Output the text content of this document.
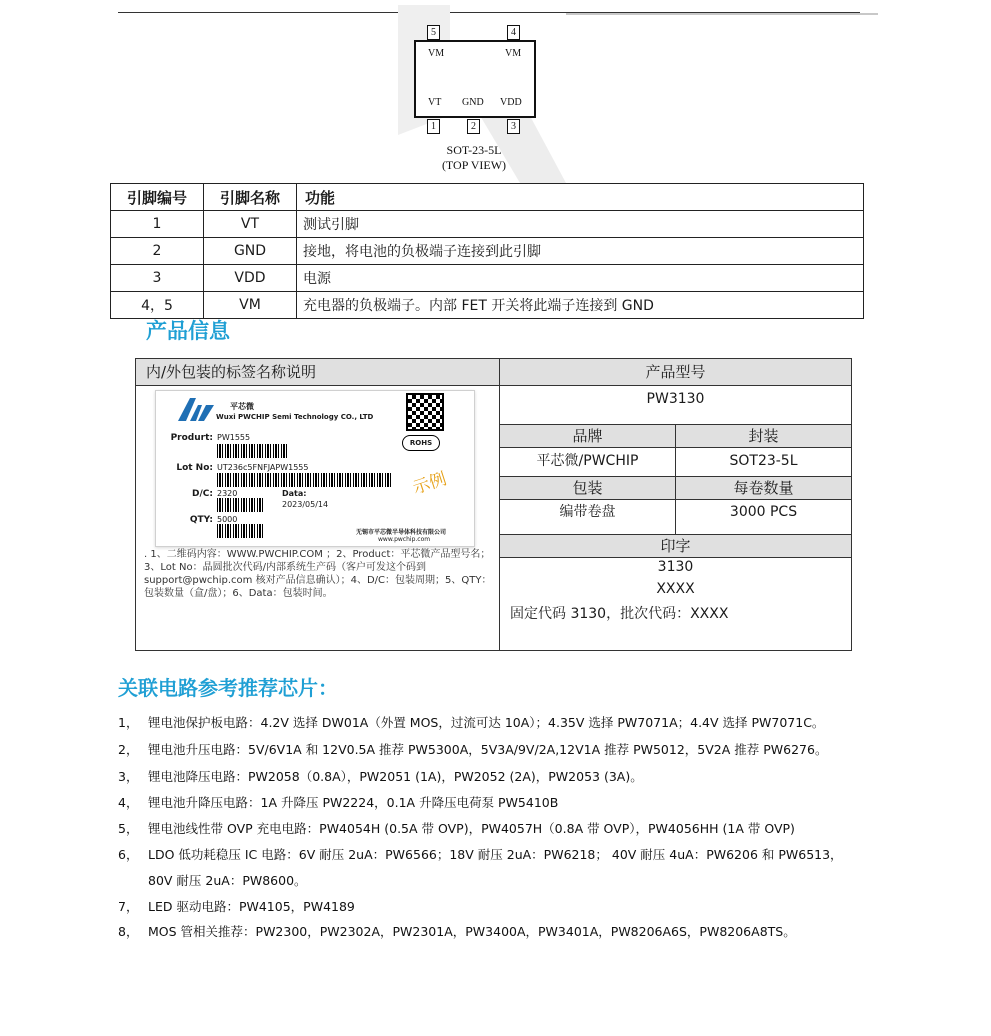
5	4
VM	VM
VT GND VDD
1	2	3
SOT-23-5L
(TOP VIEW)
引脚编号	引脚名称	功能
1	VT	测试引脚
2	GND	接地，将电池的负极端子连接到此引脚
3	VDD	电源
4，5	VM	充电器的负极端子。内部 FET 开关将此端子连接到 GND
产品信息
内/外包装的标签名称说明
平芯微
Wuxi PWCHIP Semi Technology CO., LTD
Produrt: PW1555
ROHS
Lot No: UT236c5FNFJAPW1555
示例
D/C: 2320	Data:
2023/05/14
QTY: 5000
无锡市平芯微半导体科技有限公司
www.pwchip.com
. 1、二维码内容：WWW.PWCHIP.COM ；2、Product：平芯微产品型号名；3、Lot No：晶圆批次代码/内部系统生产码（客户可发这个码到support@pwchip.com 核对产品信息确认）；4、D/C：包装周期；5、QTY：包装数量（盒/盘）；6、Data：包装时间。
产品型号
PW3130
品牌	封装
平芯微/PWCHIP	SOT23-5L
包装	每卷数量
编带卷盘	3000 PCS
印字
3130
XXXX
固定代码 3130，批次代码：XXXX
关联电路参考推荐芯片：
1， 锂电池保护板电路：4.2V 选择 DW01A（外置 MOS，过流可达 10A）；4.35V 选择 PW7071A；4.4V 选择 PW7071C。
2， 锂电池升压电路：5V/6V1A 和 12V0.5A 推荐 PW5300A，5V3A/9V/2A,12V1A 推荐 PW5012，5V2A 推荐 PW6276。
3， 锂电池降压电路：PW2058（0.8A），PW2051 (1A)，PW2052 (2A)，PW2053 (3A)。
4， 锂电池升降压电路：1A 升降压 PW2224，0.1A 升降压电荷泵 PW5410B
5， 锂电池线性带 OVP 充电电路：PW4054H (0.5A 带 OVP)，PW4057H（0.8A 带 OVP），PW4056HH (1A 带 OVP)
6， LDO 低功耗稳压 IC 电路：6V 耐压 2uA：PW6566；18V 耐压 2uA：PW6218； 40V 耐压 4uA：PW6206 和 PW6513，
80V 耐压 2uA：PW8600。
7， LED 驱动电路：PW4105，PW4189
8， MOS 管相关推荐：PW2300，PW2302A，PW2301A，PW3400A，PW3401A，PW8206A6S，PW8206A8TS。
